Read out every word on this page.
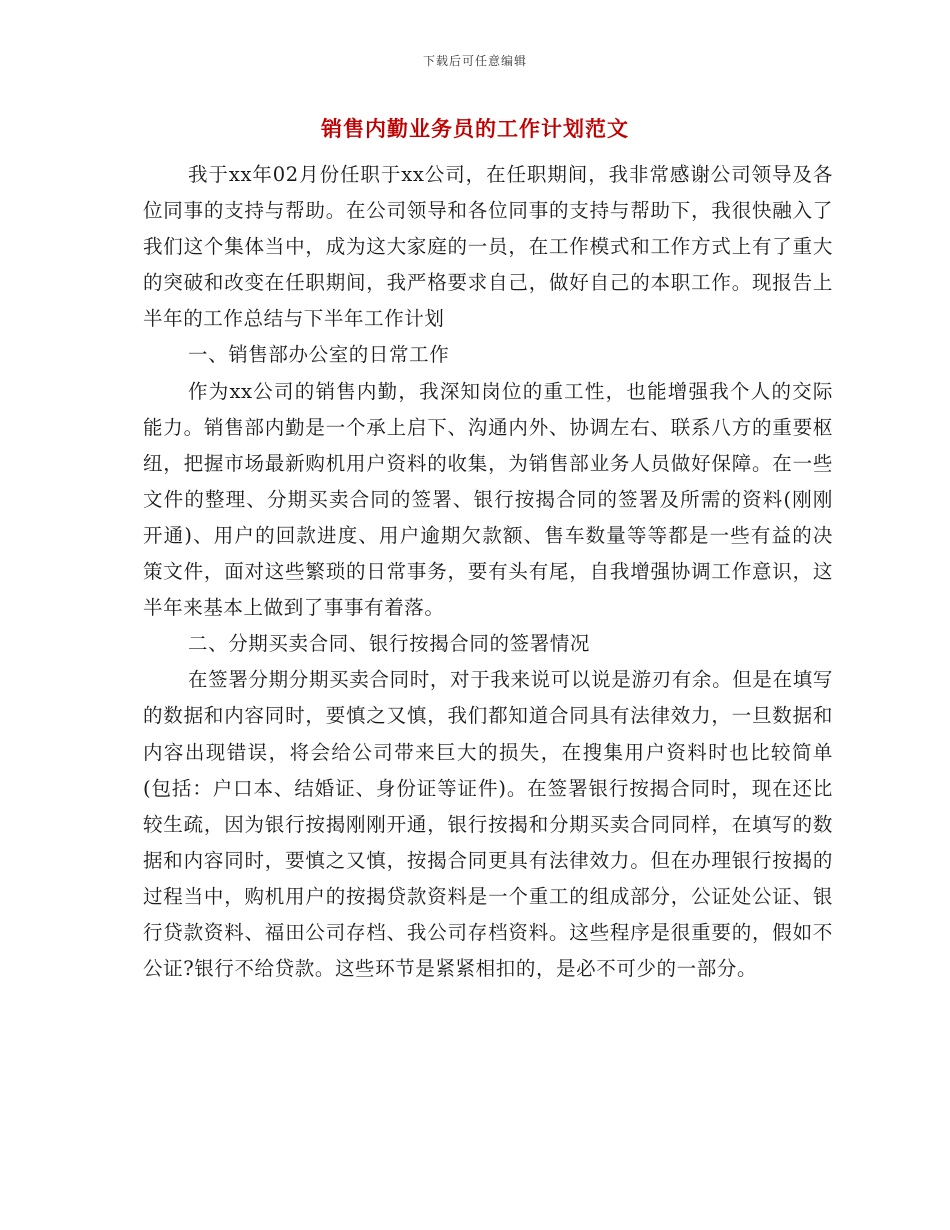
下载后可任意编辑
销售内勤业务员的工作计划范文

我于xx年02月份任职于xx公司，在任职期间，我非常感谢公司领导及各位同事的支持与帮助。在公司领导和各位同事的支持与帮助下，我很快融入了我们这个集体当中，成为这大家庭的一员，在工作模式和工作方式上有了重大的突破和改变在任职期间，我严格要求自己，做好自己的本职工作。现报告上半年的工作总结与下半年工作计划

一、销售部办公室的日常工作

作为xx公司的销售内勤，我深知岗位的重工性，也能增强我个人的交际能力。销售部内勤是一个承上启下、沟通内外、协调左右、联系八方的重要枢纽，把握市场最新购机用户资料的收集，为销售部业务人员做好保障。在一些文件的整理、分期买卖合同的签署、银行按揭合同的签署及所需的资料(刚刚开通)、用户的回款进度、用户逾期欠款额、售车数量等等都是一些有益的决策文件，面对这些繁琐的日常事务，要有头有尾，自我增强协调工作意识，这半年来基本上做到了事事有着落。

二、分期买卖合同、银行按揭合同的签署情况

在签署分期分期买卖合同时，对于我来说可以说是游刃有余。但是在填写的数据和内容同时，要慎之又慎，我们都知道合同具有法律效力，一旦数据和内容出现错误，将会给公司带来巨大的损失，在搜集用户资料时也比较简单(包括：户口本、结婚证、身份证等证件)。在签署银行按揭合同时，现在还比较生疏，因为银行按揭刚刚开通，银行按揭和分期买卖合同同样，在填写的数据和内容同时，要慎之又慎，按揭合同更具有法律效力。但在办理银行按揭的过程当中，购机用户的按揭贷款资料是一个重工的组成部分，公证处公证、银行贷款资料、福田公司存档、我公司存档资料。这些程序是很重要的，假如不公证?银行不给贷款。这些环节是紧紧相扣的，是必不可少的一部分。
